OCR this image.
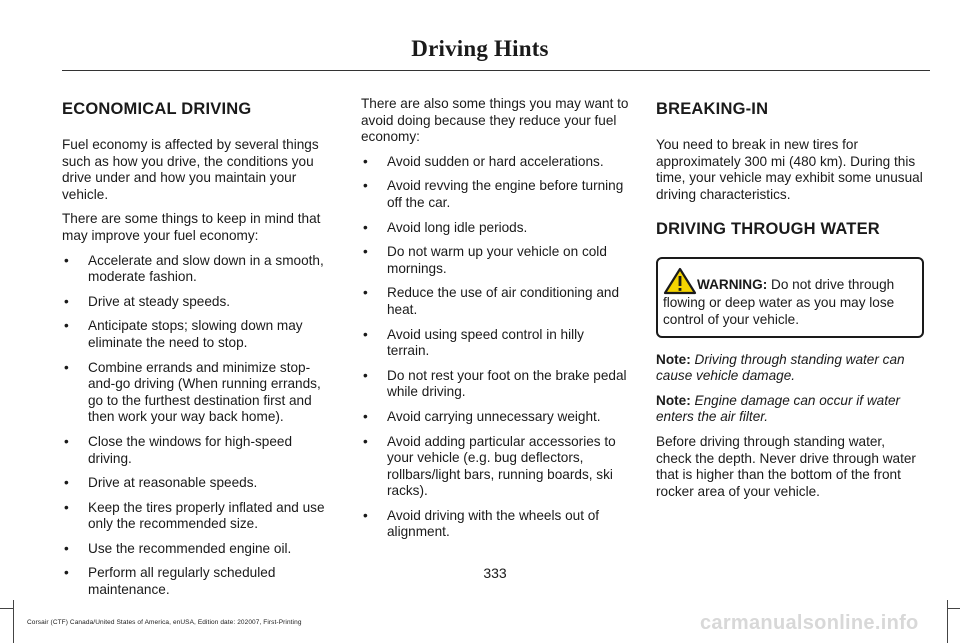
Driving Hints
ECONOMICAL DRIVING

Fuel economy is affected by several things such as how you drive, the conditions you drive under and how you maintain your vehicle.

There are some things to keep in mind that may improve your fuel economy:

• Accelerate and slow down in a smooth, moderate fashion.
• Drive at steady speeds.
• Anticipate stops; slowing down may eliminate the need to stop.
• Combine errands and minimize stop-and-go driving (When running errands, go to the furthest destination first and then work your way back home).
• Close the windows for high-speed driving.
• Drive at reasonable speeds.
• Keep the tires properly inflated and use only the recommended size.
• Use the recommended engine oil.
• Perform all regularly scheduled maintenance.

There are also some things you may want to avoid doing because they reduce your fuel economy:

• Avoid sudden or hard accelerations.
• Avoid revving the engine before turning off the car.
• Avoid long idle periods.
• Do not warm up your vehicle on cold mornings.
• Reduce the use of air conditioning and heat.
• Avoid using speed control in hilly terrain.
• Do not rest your foot on the brake pedal while driving.
• Avoid carrying unnecessary weight.
• Avoid adding particular accessories to your vehicle (e.g. bug deflectors, rollbars/light bars, running boards, ski racks).
• Avoid driving with the wheels out of alignment.
BREAKING-IN

You need to break in new tires for approximately 300 mi (480 km). During this time, your vehicle may exhibit some unusual driving characteristics.

DRIVING THROUGH WATER
WARNING: Do not drive through flowing or deep water as you may lose control of your vehicle.

Note: Driving through standing water can cause vehicle damage.

Note: Engine damage can occur if water enters the air filter.

Before driving through standing water, check the depth. Never drive through water that is higher than the bottom of the front rocker area of your vehicle.

333
Corsair (CTF) Canada/United States of America, enUSA, Edition date: 202007, First-Printing	carmanualsonline.info
